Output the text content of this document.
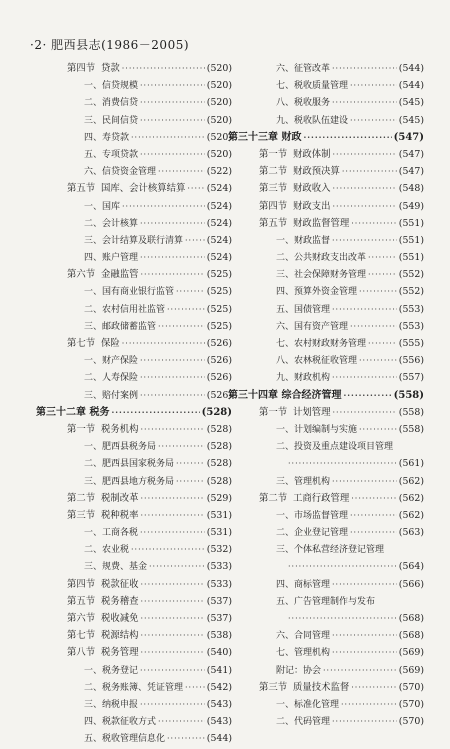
·2· 肥西县志(1986－2005)
第四节 贷款 ·····	(520)
一、信贷规模 ·····	(520)
二、消费信贷 ·····	(520)
三、民间信贷 ·····	(520)
四、寿贷款 ·····	(520)
五、专项贷款 ·····	(520)
六、信贷资金管理 ·····	(522)
第五节 国库、会计核算结算 ····· (524)
一、国库 ·····	(524)
二、会计核算 ·····	(524)
三、会计结算及联行清算 ·····	(524)
四、账户管理 ·····	(524)
第六节 金融监管 ·····	(525)
一、国有商业银行监管 ·····	(525)
二、农村信用社监管 ·····	(525)
三、邮政储蓄监管 ·····	(525)
第七节 保险 ·····	(526)
一、财产保险 ·····	(526)
二、人寿保险 ·····	(526)
三、赔付案例 ·····	(526)
第三十二章 税务 ·····	(528)
第一节 税务机构 ·····	(528)
一、肥西县税务局 ·····	(528)
二、肥西县国家税务局 ·····	(528)
三、肥西县地方税务局 ·····	(528)
第二节 税制改革 ·····	(529)
第三节 税种税率 ·····	(531)
一、工商各税 ·····	(531)
二、农业税 ·····	(532)
三、规费、基金 ·····	(533)
第四节 税款征收 ·····	(533)
第五节 税务稽查 ·····	(537)
第六节 税收减免 ·····	(537)
第七节 税源结构 ·····	(538)
第八节 税务管理 ·····	(540)
一、税务登记 ·····	(541)
二、税务账簿、凭证管理 ·····	(542)
三、纳税申报 ·····	(543)
四、税款征收方式 ·····	(543)
五、税收管理信息化 ·····	(544)
六、征管改革 ·····	(544)
七、税收质量管理 ·····	(544)
八、税收服务 ·····	(545)
九、税收队伍建设 ·····	(545)
第三十三章 财政 ·····	(547)
第一节 财政体制 ·····	(547)
第二节 财政预决算 ·····	(547)
第三节 财政收入 ·····	(548)
第四节 财政支出 ·····	(549)
第五节 财政监督管理 ·····	(551)
一、财政监督 ·····	(551)
二、公共财政支出改革 ·····	(551)
三、社会保障财务管理 ·····	(552)
四、预算外资金管理 ·····	(552)
五、国债管理 ·····	(553)
六、国有资产管理 ·····	(553)
七、农村财政财务管理 ·····	(555)
八、农林税征收管理 ·····	(556)
九、财政机构 ·····	(557)
第三十四章 综合经济管理 ·····	(558)
第一节 计划管理 ·····	(558)
一、计划编制与实施 ·····	(558)
二、投资及重点建设项目管理
·····
(561)
三、管理机构 ·····	(562)
第二节 工商行政管理 ·····	(562)
一、市场监督管理 ·····	(562)
二、企业登记管理 ·····	(563)
三、个体私营经济登记管理
·····
(564)
四、商标管理 ·····	(566)
五、广告管理制作与发布
·····
(568)
六、合同管理 ·····	(568)
七、管理机构 ·····	(569)
附记：协会 ·····	(569)
第三节 质量技术监督 ·····	(570)
一、标准化管理 ·····	(570)
二、代码管理 ·····	(570)
